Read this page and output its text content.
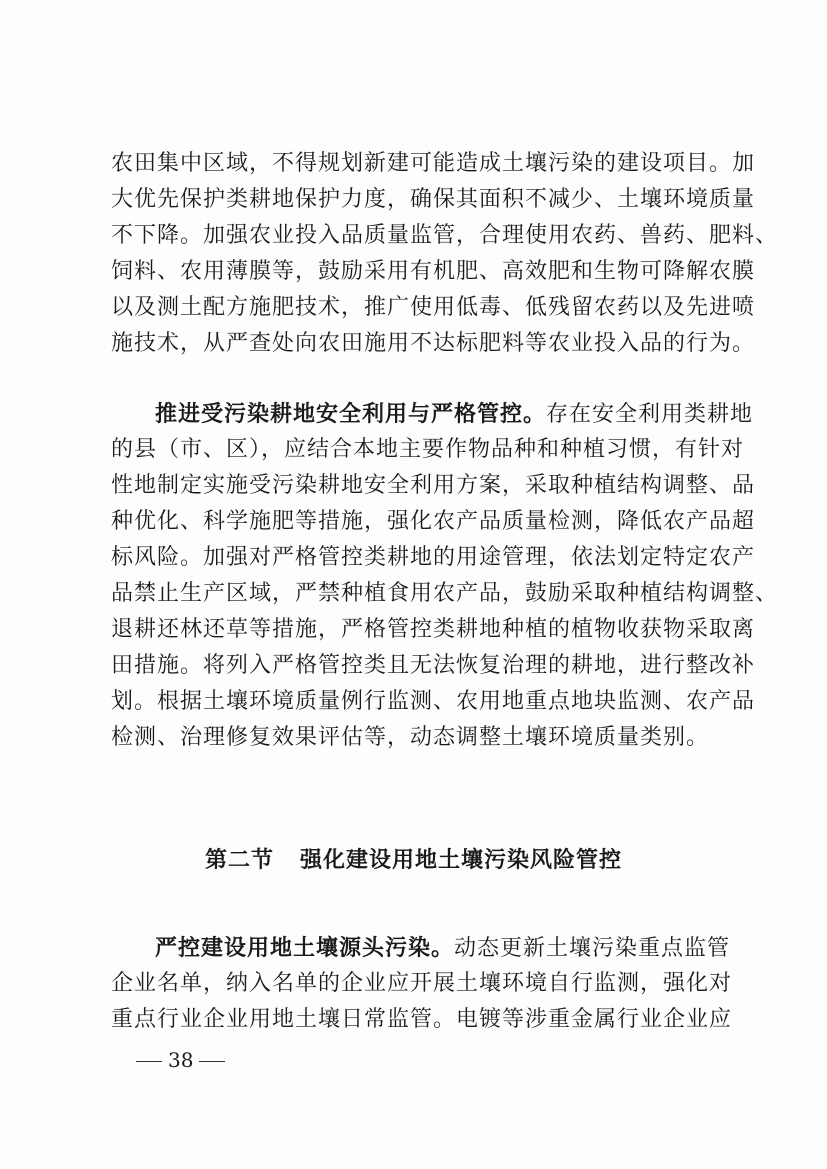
农田集中区域，不得规划新建可能造成土壤污染的建设项目。加
大优先保护类耕地保护力度，确保其面积不减少、土壤环境质量
不下降。加强农业投入品质量监管，合理使用农药、兽药、肥料、
饲料、农用薄膜等，鼓励采用有机肥、高效肥和生物可降解农膜
以及测土配方施肥技术，推广使用低毒、低残留农药以及先进喷
施技术，从严查处向农田施用不达标肥料等农业投入品的行为。
推进受污染耕地安全利用与严格管控。存在安全利用类耕地
的县（市、区），应结合本地主要作物品种和种植习惯，有针对
性地制定实施受污染耕地安全利用方案，采取种植结构调整、品
种优化、科学施肥等措施，强化农产品质量检测，降低农产品超
标风险。加强对严格管控类耕地的用途管理，依法划定特定农产
品禁止生产区域，严禁种植食用农产品，鼓励采取种植结构调整、
退耕还林还草等措施，严格管控类耕地种植的植物收获物采取离
田措施。将列入严格管控类且无法恢复治理的耕地，进行整改补
划。根据土壤环境质量例行监测、农用地重点地块监测、农产品
检测、治理修复效果评估等，动态调整土壤环境质量类别。
第二节 强化建设用地土壤污染风险管控
严控建设用地土壤源头污染。动态更新土壤污染重点监管
企业名单，纳入名单的企业应开展土壤环境自行监测，强化对
重点行业企业用地土壤日常监管。电镀等涉重金属行业企业应
38
